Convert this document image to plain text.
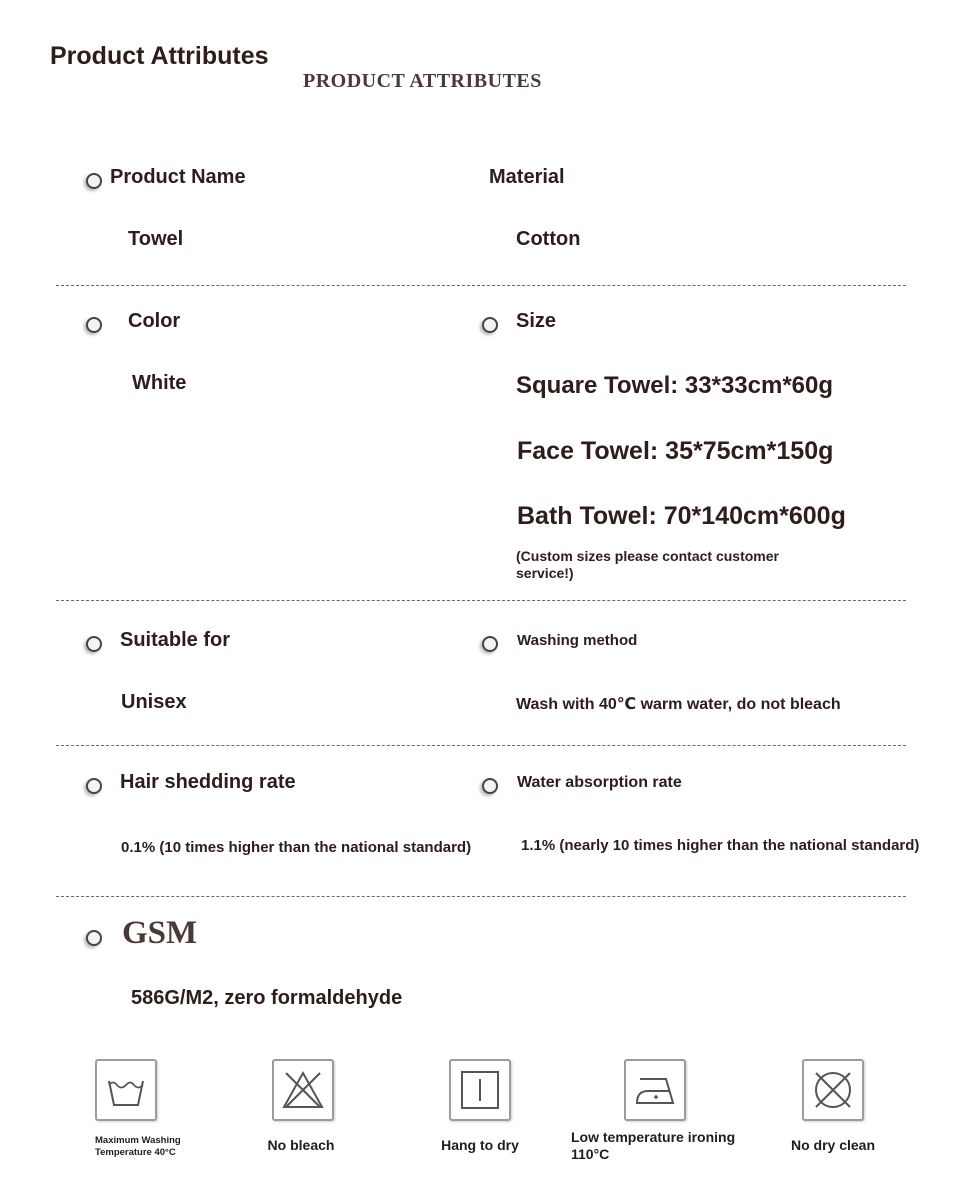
Product Attributes
PRODUCT ATTRIBUTES
Product Name
Towel
Material
Cotton
Color
White
Size
Square Towel: 33*33cm*60g
Face Towel: 35*75cm*150g
Bath Towel: 70*140cm*600g
(Custom sizes please contact customer service!)
Suitable for
Unisex
Washing method
Wash with 40℃ warm water, do not bleach
Hair shedding rate
0.1% (10 times higher than the national standard)
Water absorption rate
1.1% (nearly 10 times higher than the national standard)
GSM
586G/M2, zero formaldehyde
Maximum Washing Temperature 40°C	No bleach	Hang to dry	Low temperature ironing 110°C
No dry clean
